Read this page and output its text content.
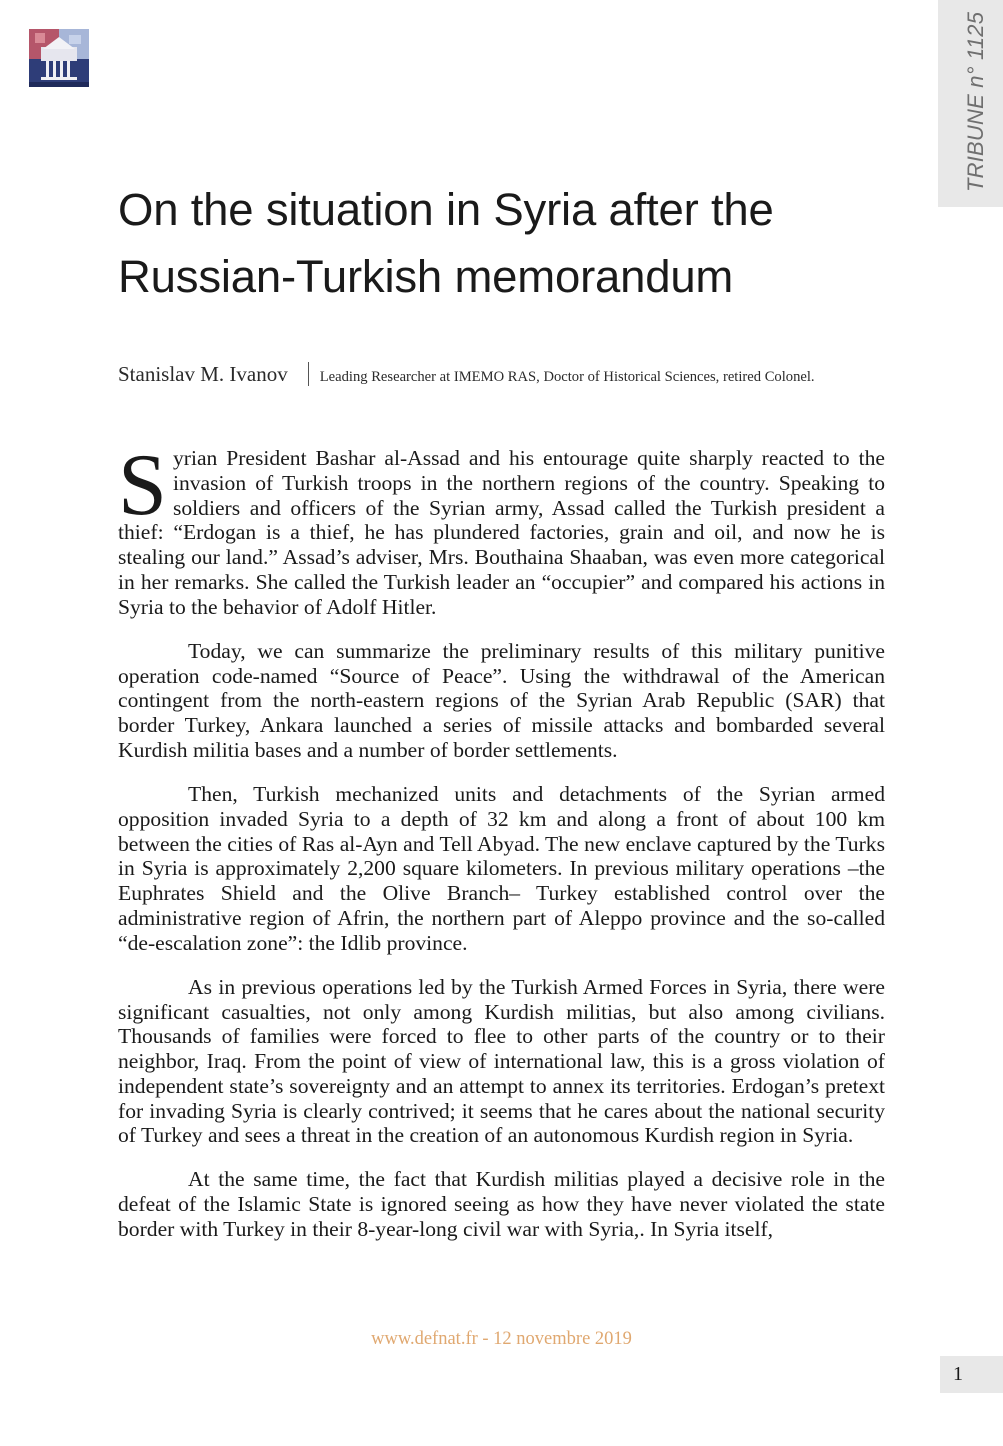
TRIBUNE n° 1125
On the situation in Syria after the Russian-Turkish memorandum
Stanislav M. Ivanov Leading Researcher at IMEMO RAS, Doctor of Historical Sciences, retired Colonel.

Syrian President Bashar al-Assad and his entourage quite sharply reacted to the invasion of Turkish troops in the northern regions of the country. Speaking to soldiers and officers of the Syrian army, Assad called the Turkish president a thief: “Erdogan is a thief, he has plundered factories, grain and oil, and now he is stealing our land.” Assad’s adviser, Mrs. Bouthaina Shaaban, was even more categorical in her remarks. She called the Turkish leader an “occupier” and compared his actions in Syria to the behavior of Adolf Hitler.

Today, we can summarize the preliminary results of this military punitive operation code-named “Source of Peace”. Using the withdrawal of the American contingent from the north-eastern regions of the Syrian Arab Republic (SAR) that border Turkey, Ankara launched a series of missile attacks and bombarded several Kurdish militia bases and a number of border settlements.

Then, Turkish mechanized units and detachments of the Syrian armed opposition invaded Syria to a depth of 32 km and along a front of about 100 km between the cities of Ras al-Ayn and Tell Abyad. The new enclave captured by the Turks in Syria is approximately 2,200 square kilometers. In previous military operations –the Euphrates Shield and the Olive Branch– Turkey established control over the administrative region of Afrin, the northern part of Aleppo province and the so-called “de-escalation zone”: the Idlib province.

As in previous operations led by the Turkish Armed Forces in Syria, there were significant casualties, not only among Kurdish militias, but also among civilians. Thousands of families were forced to flee to other parts of the country or to their neighbor, Iraq. From the point of view of international law, this is a gross violation of independent state’s sovereignty and an attempt to annex its territories. Erdogan’s pretext for invading Syria is clearly contrived; it seems that he cares about the national security of Turkey and sees a threat in the creation of an autonomous Kurdish region in Syria.

At the same time, the fact that Kurdish militias played a decisive role in the defeat of the Islamic State is ignored seeing as how they have never violated the state border with Turkey in their 8-year-long civil war with Syria,. In Syria itself,

www.defnat.fr - 12 novembre 2019
1
